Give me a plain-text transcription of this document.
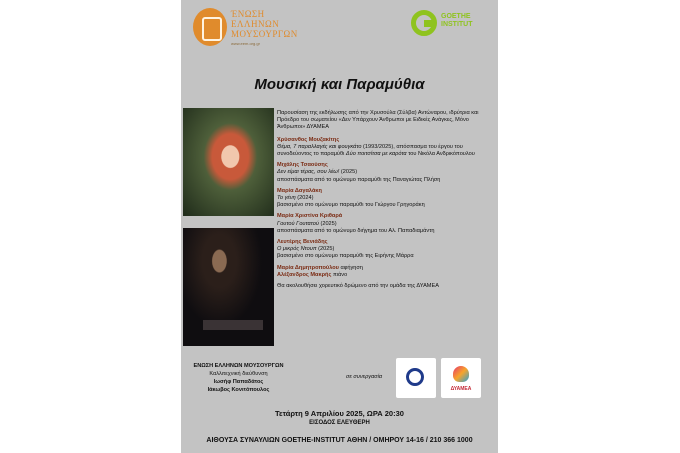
ΈΝΩΣΗ
ΕΛΛΗΝΩΝ
ΜΟΥΣΟΥΡΓΩΝ
www.eem.org.gr
GOETHE
INSTITUT
Μουσική και Παραμύθια

Παρουσίαση της εκδήλωσης από την Χρυσούλα (Σύλβα) Αντώναρου, ιδρύτρια και Πρόεδρο του σωματείου «Δεν Υπάρχουν Άνθρωποι με Ειδικές Ανάγκες, Μόνο Άνθρωποι» ΔΥΑΜΕΑ

Χρύσανθος Μουζακίτης

Θέμα, 7 παραλλαγές και φουγκάτο (1993/2025), απόσπασμα του έργου του συνοδεύοντος το παραμύθι Δύο ποιτσίτσα με καρότα του Νικόλα Ανδρικόπουλου

Μιχάλης Τσαούσης

Δεν είμαι τέρας, σου λέω! (2025)

αποσπάσματα από το ομώνυμο παραμύθι της Παναγιώτας Πλήση

Μαρία Δαγαλάκη

Το γένη (2024)

βασισμένο στο ομώνυμο παραμύθι του Γιώργου Γρηγοράκη

Μαρία Χριστίνα Κριθαρά

Γουτού Γουτατού (2025)

αποσπάσματα από το ομώνυμο διήγημα του Αλ. Παπαδιαμάντη

Λευτέρης Βενιάδης

Ο μικρός Ντουπ (2025)

βασισμένο στο ομώνυμο παραμύθι της Ειρήνης Μάρρα

Μαρία Δημητροπούλου αφήγηση

Αλέξανδρος Μακρής πιάνο

Θα ακολουθήσει χορευτικό δρώμενο από την ομάδα της ΔΥΑΜΕΑ

ΕΝΩΣΗ ΕΛΛΗΝΩΝ ΜΟΥΣΟΥΡΓΩΝ
Καλλιτεχνική διεύθυνση
Ιωσήφ Παπαδάτος
Ιάκωβος Κονιτόπουλος
σε συνεργασία
ΔΥΑΜΕΑ
Τετάρτη 9 Απριλίου 2025, ΩΡΑ 20:30
ΕΙΣΟΔΟΣ ΕΛΕΥΘΕΡΗ
ΑΙΘΟΥΣΑ ΣΥΝΑΥΛΙΩΝ GOETHE-INSTITUT ΑΘΗΝ / ΟΜΗΡΟΥ 14-16 / 210 366 1000
